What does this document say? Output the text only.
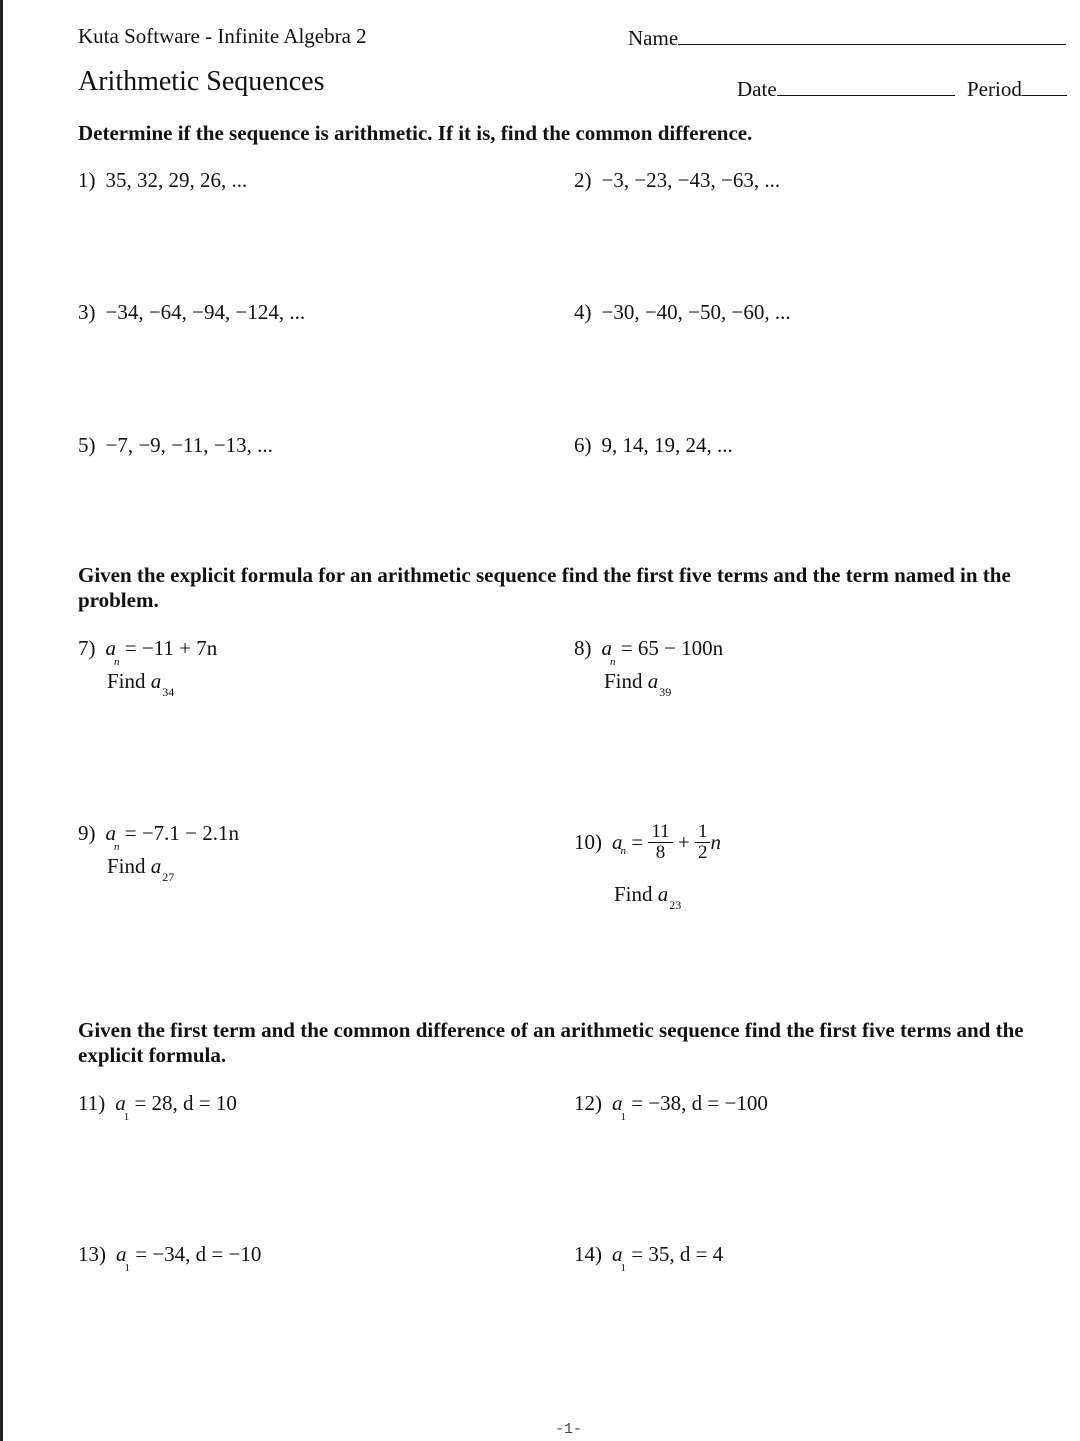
Kuta Software - Infinite Algebra 2	Name
Arithmetic Sequences	Date	Period
Determine if the sequence is arithmetic. If it is, find the common difference.
1) 35, 32, 29, 26, ...	2) −3, −23, −43, −63, ...
3) −34, −64, −94, −124, ...	4) −30, −40, −50, −60, ...
5) −7, −9, −11, −13, ...	6) 9, 14, 19, 24, ...
Given the explicit formula for an arithmetic sequence find the first five terms and the term named in the problem.
7) $a_n = -11 + 7n$
Find $a_{34}$
8) $a_n = 65 - 100n$
Find $a_{39}$
9) $a_n = -7.1 - 2.1n$
Find $a_{27}$
10) $a_n = \frac{11}{8} + \frac{1}{2}$ n
Find $a_{23}$
Given the first term and the common difference of an arithmetic sequence find the first five terms and the explicit formula.
11) $a_1 = 28$, d = 10	12) $a_1 = -38$, d = −100
13) $a_1 = -34$, d = −10	14) $a_1 = 35$, d = 4
-1-
